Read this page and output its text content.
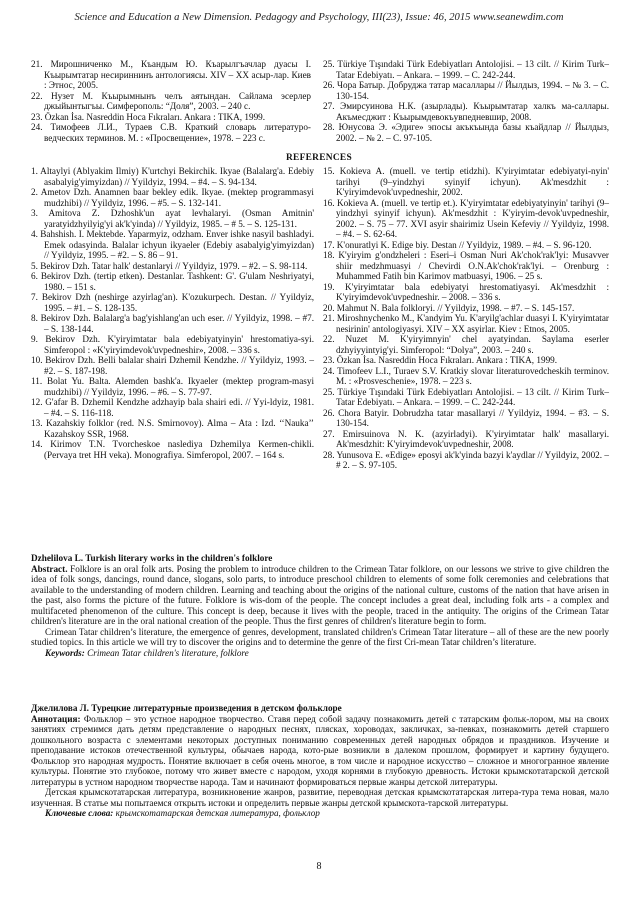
Science and Education a New Dimension. Pedagogy and Psychology, III(23), Issue: 46, 2015 www.seanewdim.com
21. Мирошниченко М., Къандым Ю. Къарылгъачлар дуасы І. Къырымтатар несириннинъ антологиясы. XIV – XX асыр-лар. Киев : Этнос, 2005.
22. Нузет М. Къырымнынъ челъ аятындан. Сайлама эсерлер джыйынтыгъы. Симферополь: “Доля”, 2003. – 240 с.
23. Özkan İsa. Nasreddin Hoca Fıkraları. Ankara : TIKA, 1999.
24. Тимофеев Л.И., Тураев С.В. Краткий словарь литературо-ведческих терминов. М. : «Просвещение», 1978. – 223 с.
25. Türkiye Tışındaki Türk Edebiyatları Antolojisi. – 13 cilt. // Kirim Turk–Tatar Edebiyatı. – Ankara. – 1999. – C. 242-244.
26. Чора Батыр. Добруджа татар масаллары // Йылдыз, 1994. – № 3. – С. 130-154.
27. Эмирсуинова Н.К. (азырлады). Къырымтатар халкъ ма-саллары. Акъмесджит : Къырымдевокъувпедневшир, 2008.
28. Юнусова Э. «Эдиге» эпосы акъкъында базы къайдлар // Йылдыз, 2002. – № 2. – С. 97-105.
REFERENCES
1. Altaylyi (Ablyakim Ilmiy) K'urtchyi Bekirchik. Ikyae (Balalarg'a. Edebiy asabalyig'yimyizdan) // Yyildyiz, 1994. – #4. – S. 94-134.
2. Ametov Dzh. Anamnen baar bekley edik. Ikyae. (mektep programmasyi mudzhibi) // Yyildyiz, 1996. – #5. – S. 132-141.
3. Amitova Z. Dzhoshk'un ayat levhalaryi. (Osman Amitnin' yaratyidzhyilyig'yi ak'k'yinda) // Yyildyiz, 1985. – # 5. – S. 125-131.
4. Bahshish. I. Mektebde. Yaparmyiz, odzham. Enver ishke nasyil bashladyi. Emek odasyinda. Balalar ichyun ikyaeler (Edebiy asabalyig'yimyizdan) // Yyildyiz, 1995. – #2. – S. 86 – 91.
5. Bekirov Dzh. Tatar halk' destanlaryi // Yyildyiz, 1979. – #2. – S. 98-114.
6. Bekirov Dzh. (tertip etken). Destanlar. Tashkent: G'. G'ulam Neshriyatyi, 1980. – 151 s.
7. Bekirov Dzh (neshirge azyirlag'an). K'ozukurpech. Destan. // Yyildyiz, 1995. – #1. – S. 128-135.
8. Bekirov Dzh. Balalarg'a bag'yishlang'an uch eser. // Yyildyiz, 1998. – #7. – S. 138-144.
9. Bekirov Dzh. K'yiryimtatar bala edebiyatyinyin' hrestomatiya-syi. Simferopol : «K'yiryimdevok'uvpedneshir», 2008. – 336 s.
10. Bekirov Dzh. Belli balalar shairi Dzhemil Kendzhe. // Yyildyiz, 1993. – #2. – S. 187-198.
11. Bolat Yu. Balta. Alemden bashk'a. Ikyaeler (mektep program-masyi mudzhibi) // Yyildyiz, 1996. – #6. – S. 77-97.
12. G'afar B. Dzhemil Kendzhe adzhayip bala shairi edi. // Yyi-ldyiz, 1981. – #4. – S. 116-118.
13. Kazahskiy folklor (red. N.S. Smirnovoy). Alma – Ata : Izd. ‘‘Nauka’’ Kazahskoy SSR, 1968.
14. Kirimov T.N. Tvorcheskoe naslediya Dzhemilya Kermen-chikli. (Pervaya tret HH veka). Monografiya. Simferopol, 2007. – 164 s.
15. Kokieva A. (muell. ve tertip etidzhi). K'yiryimtatar edebiyatyi-nyin' tarihyi (9–yindzhyi syinyif ichyun). Ak'mesdzhit : K'yiryimdevok'uvpedneshir, 2002.
16. Kokieva A. (muell. ve tertip et.). K'yiryimtatar edebiyatyinyin' tarihyi (9–yindzhyi syinyif ichyun). Ak'mesdzhit : K'yiryim-devok'uvpedneshir, 2002. – S. 75 – 77. XVI asyir shairimiz Usein Kefeviy // Yyildyiz, 1998. – #4. – S. 62-64.
17. K'onuratlyi K. Edige biy. Destan // Yyildyiz, 1989. – #4. – S. 96-120.
18. K'yiryim g'ondzheleri : Eseri–i Osman Nuri Ak'chok'rak'lyi: Musavver shiir medzhmuasyi / Chevirdi O.N.Ak'chok'rak'lyi. – Orenburg : Muhammed Fatih bin Karimov matbuasyi, 1906. – 25 s.
19. K'yiryimtatar bala edebiyatyi hrestomatiyasyi. Ak'mesdzhit : K'yiryimdevok'uvpedneshir. – 2008. – 336 s.
20. Mahmut N. Bala folkloryi. // Yyildyiz, 1998. – #7. – S. 145-157.
21. Miroshnychenko M., K'andyim Yu. K'aryilg'achlar duasyi I. K'yiryimtatar nesirinin' antologiyasyi. XIV – XX asyirlar. Kiev : Etnos, 2005.
22. Nuzet M. K'yiryimnyin' chel ayatyindan. Saylama eserler dzhyiyyintyig'yi. Simferopol: “Dolya”, 2003. – 240 s.
23. Özkan İsa. Nasreddin Hoca Fıkraları. Ankara : TIKA, 1999.
24. Timofeev L.I., Turaev S.V. Kratkiy slovar literaturovedcheskih terminov. M. : «Prosveschenie», 1978. – 223 s.
25. Türkiye Tışındaki Türk Edebiyatları Antolojisi. – 13 cilt. // Kirim Turk–Tatar Edebiyatı. – Ankara. – 1999. – C. 242-244.
26. Chora Batyir. Dobrudzha tatar masallaryi // Yyildyiz, 1994. – #3. – S. 130-154.
27. Emirsuinova N. K. (azyirladyi). K'yiryimtatar halk' masallaryi. Ak'mesdzhit: K'yiryimdevok'uvpedneshir, 2008.
28. Yunusova E. «Edige» eposyi ak'k'yinda bazyi k'aydlar // Yyildyiz, 2002. – # 2. – S. 97-105.

Dzhelilova L. Turkish literary works in the children's folklore

Abstract. Folklore is an oral folk arts. Posing the problem to introduce children to the Crimean Tatar folklore, on our lessons we strive to give children the idea of folk songs, dancings, round dance, slogans, solo parts, to introduce preschool children to elements of some folk ceremonies and celebrations that available to the understanding of modern children. Learning and teaching about the origins of the national culture, customs of the nation that have arisen in the past, also forms the picture of the future. Folklore is wis-dom of the people. The concept includes a great deal, including folk arts - a complex and multifaceted phenomenon of the culture. This concept is deep, because it lives with the people, traced in the antiquity. The origins of the Crimean Tatar children's literature are in the oral national creation of the people. Thus the first genres of children's literature begin to form.

Crimean Tatar children’s literature, the emergence of genres, development, translated children's Crimean Tatar literature – all of these are the new poorly studied topics. In this article we will try to discover the origins and to determine the genre of the first Cri-mean Tatar children’s literature.

Keywords: Crimean Tatar children's literature, folklore

Джелилова Л. Турецкие литературные произведения в детском фольклоре

Аннотация: Фольклор – это устное народное творчество. Ставя перед собой задачу познакомить детей с татарским фольк-лором, мы на своих занятиях стремимся дать детям представление о народных песнях, плясках, хороводах, закличках, за-певках, познакомить детей старшего дошкольного возраста с элементами некоторых доступных пониманию современных детей народных обрядов и праздников. Изучение и преподавание истоков отечественной культуры, обычаев народа, кото-рые возникли в далеком прошлом, формирует и картину будущего. Фольклор это народная мудрость. Понятие включает в себя очень многое, в том числе и народное искусство – сложное и многогранное явление культуры. Понятие это глубокое, потому что живет вместе с народом, уходя корнями в глубокую древность. Истоки крымскотатарской детской литературы в устном народном творчестве народа. Там и начинают формироваться первые жанры детской литературы.

Детская крымскотатарская литература, возникновение жанров, развитие, переводная детская крымскотатарская литера-тура тема новая, мало изученная. В статье мы попытаемся открыть истоки и определить первые жанры детской крымскота-тарской литературы.

Ключевые слова: крымскотатарская детская литература, фольклор

8
